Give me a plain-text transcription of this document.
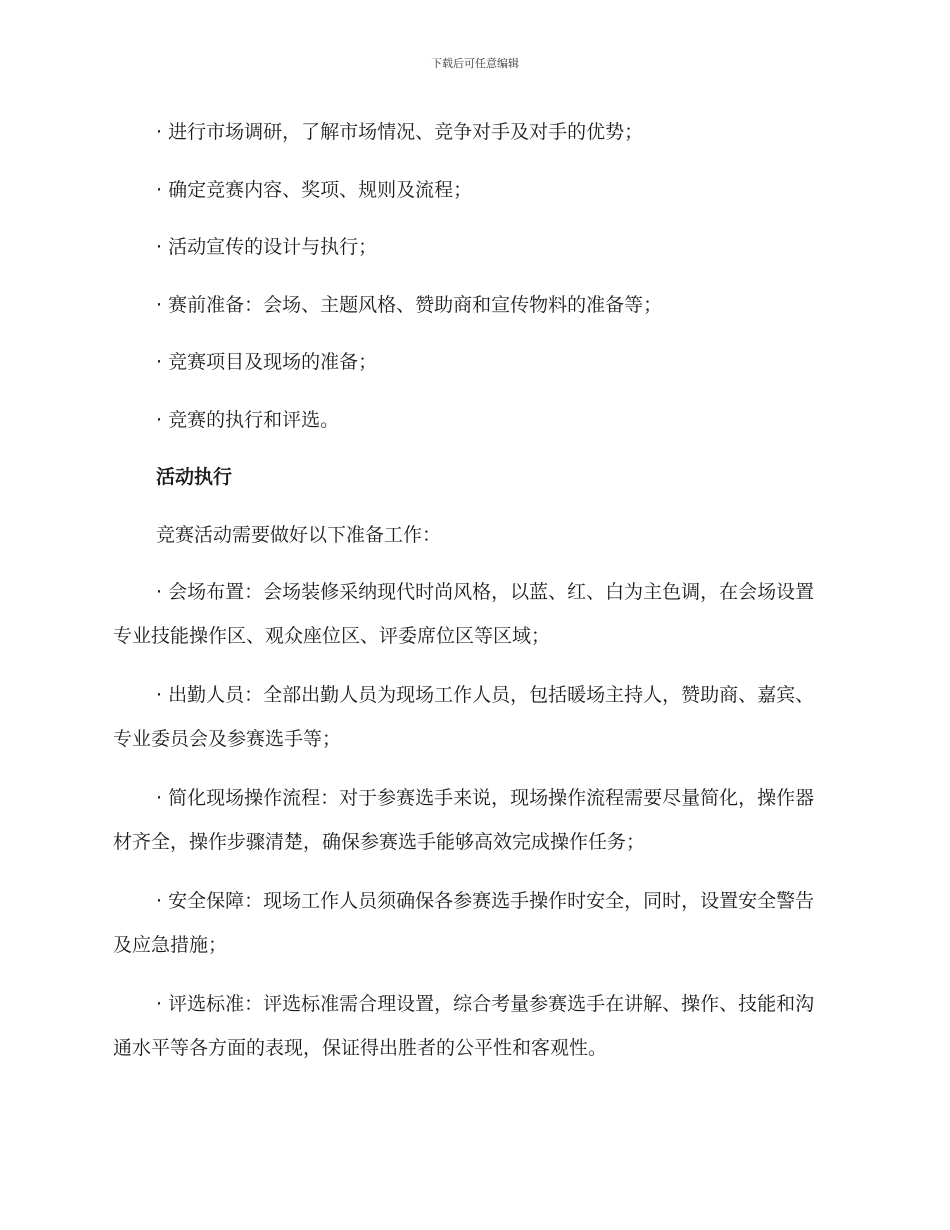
下载后可任意编辑

· 进行市场调研，了解市场情况、竞争对手及对手的优势；

· 确定竞赛内容、奖项、规则及流程；

· 活动宣传的设计与执行；

· 赛前准备：会场、主题风格、赞助商和宣传物料的准备等；

· 竞赛项目及现场的准备；

· 竞赛的执行和评选。

活动执行

竞赛活动需要做好以下准备工作：

· 会场布置：会场装修采纳现代时尚风格，以蓝、红、白为主色调，在会场设置专业技能操作区、观众座位区、评委席位区等区域；

· 出勤人员：全部出勤人员为现场工作人员，包括暖场主持人，赞助商、嘉宾、专业委员会及参赛选手等；

· 简化现场操作流程：对于参赛选手来说，现场操作流程需要尽量简化，操作器材齐全，操作步骤清楚，确保参赛选手能够高效完成操作任务；

· 安全保障：现场工作人员须确保各参赛选手操作时安全，同时，设置安全警告及应急措施；

· 评选标准：评选标准需合理设置，综合考量参赛选手在讲解、操作、技能和沟通水平等各方面的表现，保证得出胜者的公平性和客观性。
